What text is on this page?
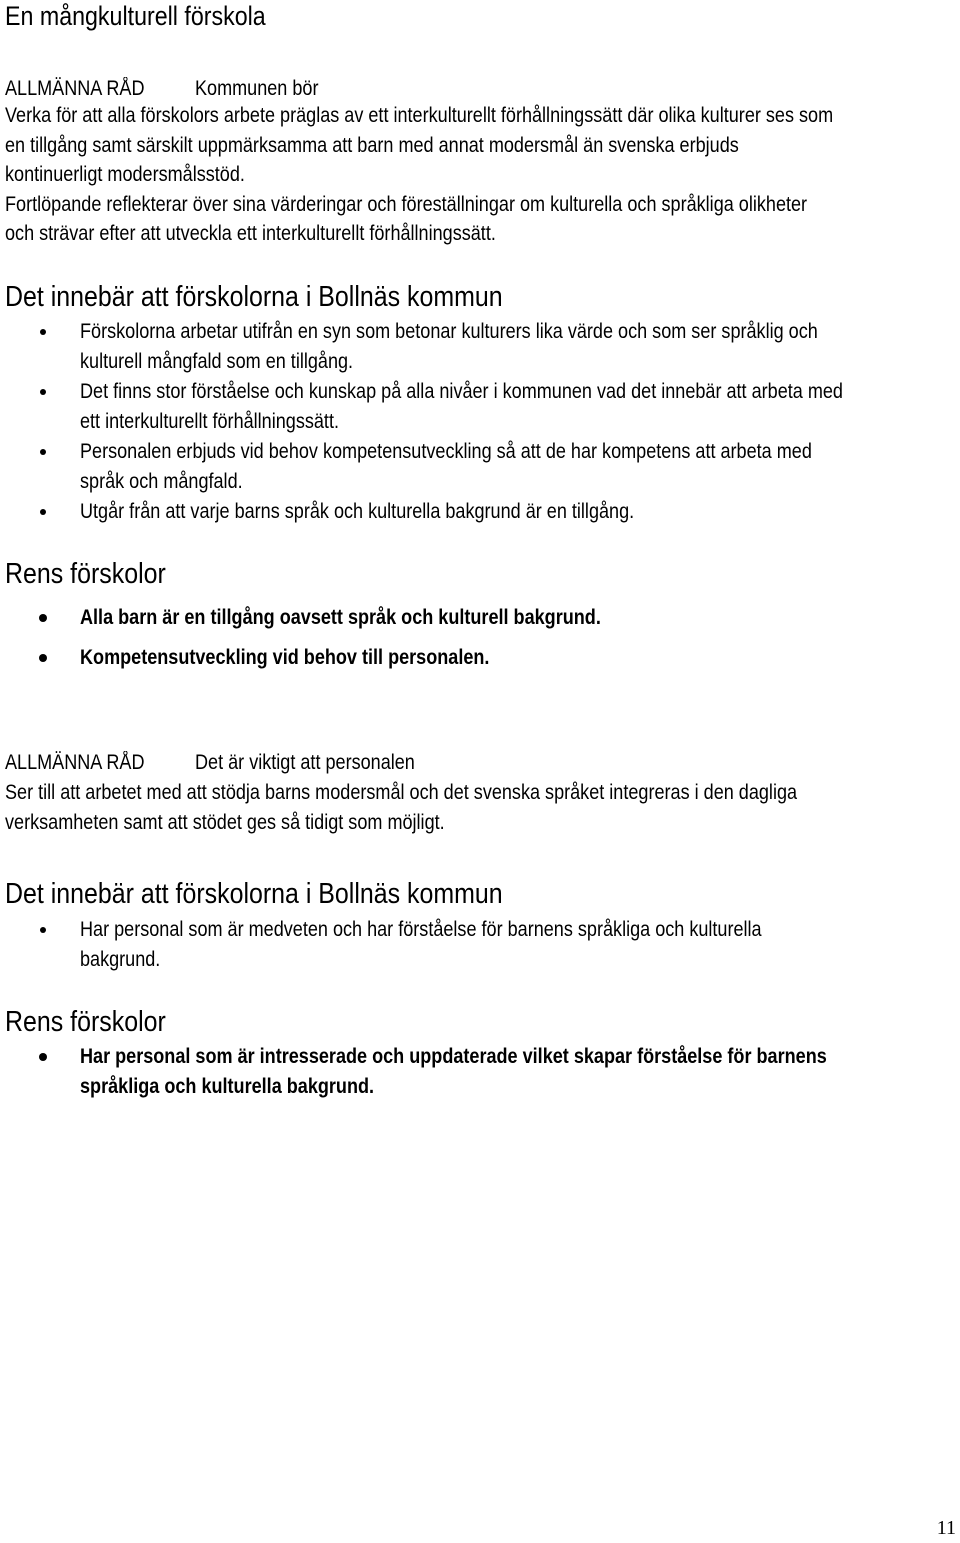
En mångkulturell förskola
ALLMÄNNA RÅD Kommunen bör
Verka för att alla förskolors arbete präglas av ett interkulturellt förhållningssätt där olika kulturer ses som
en tillgång samt särskilt uppmärksamma att barn med annat modersmål än svenska erbjuds
kontinuerligt modersmålsstöd.
Fortlöpande reflekterar över sina värderingar och föreställningar om kulturella och språkliga olikheter
och strävar efter att utveckla ett interkulturellt förhållningssätt.
Det innebär att förskolorna i Bollnäs kommun
Förskolorna arbetar utifrån en syn som betonar kulturers lika värde och som ser språklig och
kulturell mångfald som en tillgång.
Det finns stor förståelse och kunskap på alla nivåer i kommunen vad det innebär att arbeta med
ett interkulturellt förhållningssätt.
Personalen erbjuds vid behov kompetensutveckling så att de har kompetens att arbeta med
språk och mångfald.
Utgår från att varje barns språk och kulturella bakgrund är en tillgång.
Rens förskolor
Alla barn är en tillgång oavsett språk och kulturell bakgrund.
Kompetensutveckling vid behov till personalen.
ALLMÄNNA RÅD Det är viktigt att personalen
Ser till att arbetet med att stödja barns modersmål och det svenska språket integreras i den dagliga
verksamheten samt att stödet ges så tidigt som möjligt.
Det innebär att förskolorna i Bollnäs kommun
Har personal som är medveten och har förståelse för barnens språkliga och kulturella
bakgrund.
Rens förskolor
Har personal som är intresserade och uppdaterade vilket skapar förståelse för barnens
språkliga och kulturella bakgrund.
11
